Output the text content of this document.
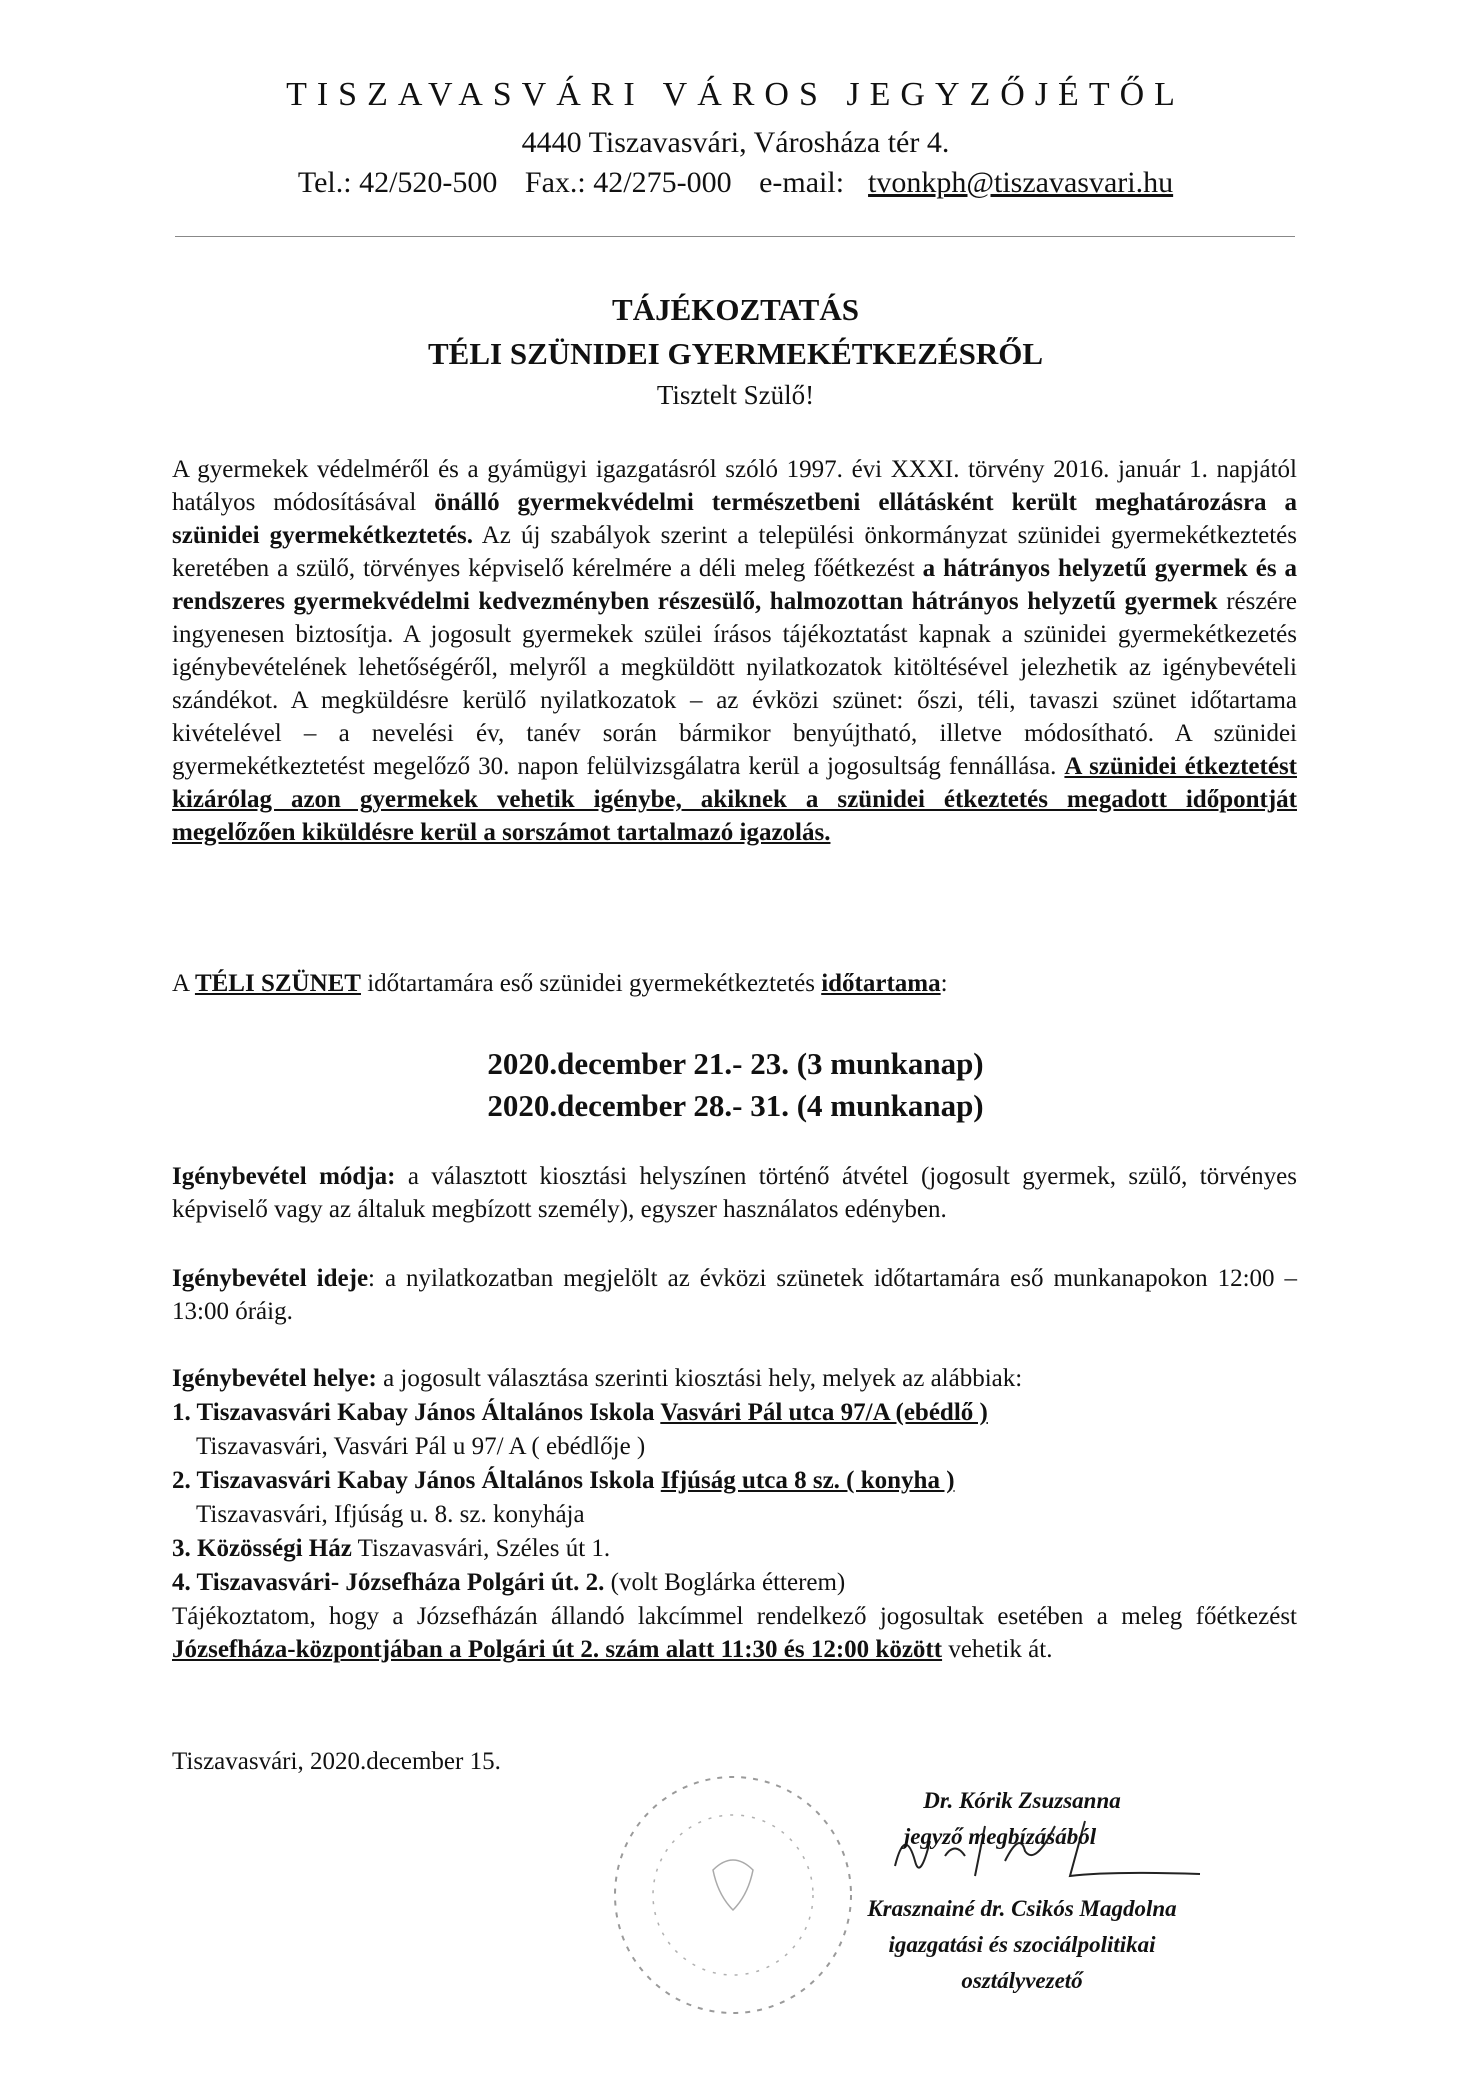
TISZAVASVÁRI VÁROS JEGYZŐJÉTŐL
4440 Tiszavasvári, Városháza tér 4.
Tel.: 42/520-500 Fax.: 42/275-000 e-mail: tvonkph@tiszavasvari.hu
TÁJÉKOZTATÁS
TÉLI SZÜNIDEI GYERMEKÉTKEZÉSRŐL
Tisztelt Szülő!

A gyermekek védelméről és a gyámügyi igazgatásról szóló 1997. évi XXXI. törvény 2016. január 1. napjától hatályos módosításával önálló gyermekvédelmi természetbeni ellátásként került meghatározásra a szünidei gyermekétkeztetés. Az új szabályok szerint a települési önkormányzat szünidei gyermekétkeztetés keretében a szülő, törvényes képviselő kérelmére a déli meleg főétkezést a hátrányos helyzetű gyermek és a rendszeres gyermekvédelmi kedvezményben részesülő, halmozottan hátrányos helyzetű gyermek részére ingyenesen biztosítja. A jogosult gyermekek szülei írásos tájékoztatást kapnak a szünidei gyermekétkezetés igénybevételének lehetőségéről, melyről a megküldött nyilatkozatok kitöltésével jelezhetik az igénybevételi szándékot. A megküldésre kerülő nyilatkozatok – az évközi szünet: őszi, téli, tavaszi szünet időtartama kivételével – a nevelési év, tanév során bármikor benyújtható, illetve módosítható. A szünidei gyermekétkeztetést megelőző 30. napon felülvizsgálatra kerül a jogosultság fennállása. A szünidei étkeztetést kizárólag azon gyermekek vehetik igénybe, akiknek a szünidei étkeztetés megadott időpontját megelőzően kiküldésre kerül a sorszámot tartalmazó igazolás.

A TÉLI SZÜNET időtartamára eső szünidei gyermekétkeztetés időtartama:

2020.december 21.- 23. (3 munkanap)
2020.december 28.- 31. (4 munkanap)

Igénybevétel módja: a választott kiosztási helyszínen történő átvétel (jogosult gyermek, szülő, törvényes képviselő vagy az általuk megbízott személy), egyszer használatos edényben.

Igénybevétel ideje: a nyilatkozatban megjelölt az évközi szünetek időtartamára eső munkanapokon 12:00 – 13:00 óráig.

Igénybevétel helye: a jogosult választása szerinti kiosztási hely, melyek az alábbiak:

1. Tiszavasvári Kabay János Általános Iskola Vasvári Pál utca 97/A (ebédlő )
Tiszavasvári, Vasvári Pál u 97/ A ( ebédlője )
2. Tiszavasvári Kabay János Általános Iskola Ifjúság utca 8 sz. ( konyha )
Tiszavasvári, Ifjúság u. 8. sz. konyhája
3. Közösségi Ház Tiszavasvári, Széles út 1.
4. Tiszavasvári- Józsefháza Polgári út. 2. (volt Boglárka étterem)

Tájékoztatom, hogy a Józsefházán állandó lakcímmel rendelkező jogosultak esetében a meleg főétkezést Józsefháza-központjában a Polgári út 2. szám alatt 11:30 és 12:00 között vehetik át.

Tiszavasvári, 2020.december 15.
Dr. Kórik Zsuzsanna
jegyző megbízásából
Krasznainé dr. Csikós Magdolna
igazgatási és szociálpolitikai
osztályvezető
